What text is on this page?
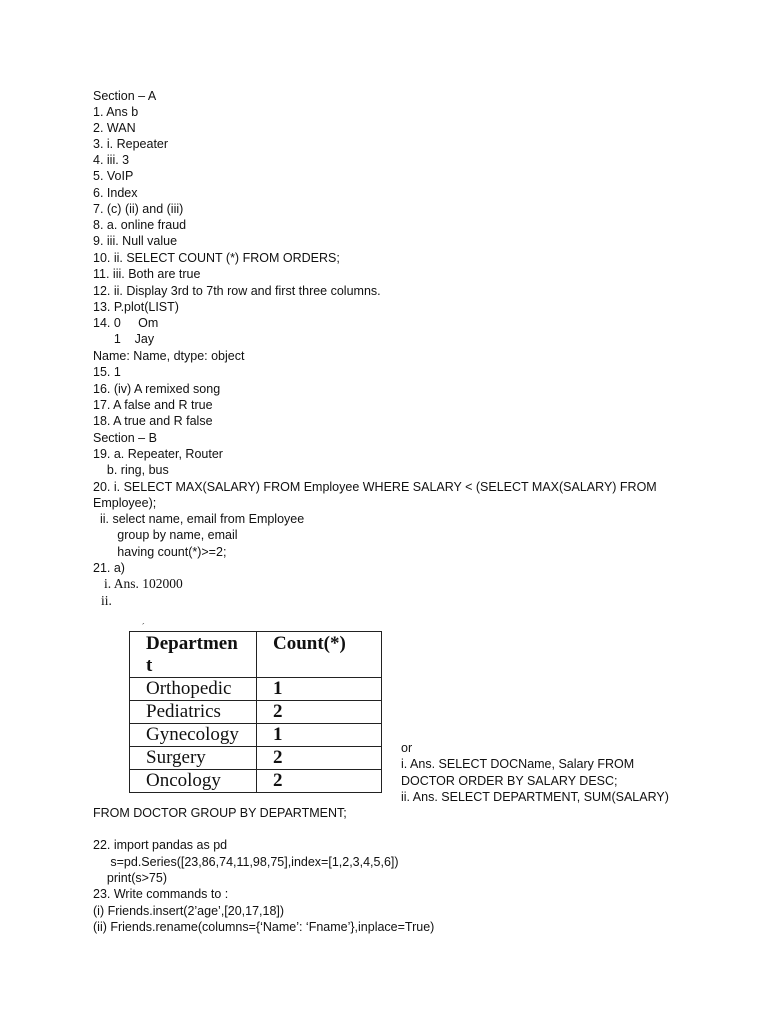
Section – A
1. Ans b
2. WAN
3. i. Repeater
4. iii. 3
5. VoIP
6. Index
7. (c) (ii) and (iii)
8. a. online fraud
9. iii. Null value
10. ii. SELECT COUNT (*) FROM ORDERS;
11. iii. Both are true
12. ii. Display 3rd to 7th row and first three columns.
13. P.plot(LIST)
14. 0     Om
1    Jay
Name: Name, dtype: object
15. 1
16. (iv) A remixed song
17. A false and R true
18. A true and R false
Section – B
19. a. Repeater, Router
b. ring, bus
20. i. SELECT MAX(SALARY) FROM Employee WHERE SALARY < (SELECT MAX(SALARY) FROM
Employee);
ii. select name, email from Employee
group by name, email
having count(*)>=2;
21. a)
i. Ans. 102000
ii.
´
Departmen
t	Count(*)
Orthopedic	1
Pediatrics	2
Gynecology	1
Surgery	2
Oncology	2
or
i. Ans. SELECT DOCName, Salary FROM
DOCTOR ORDER BY SALARY DESC;
ii. Ans. SELECT DEPARTMENT, SUM(SALARY)
FROM DOCTOR GROUP BY DEPARTMENT;
22. import pandas as pd
s=pd.Series([23,86,74,11,98,75],index=[1,2,3,4,5,6])
print(s>75)
23. Write commands to :
(i) Friends.insert(2’age’,[20,17,18])
(ii) Friends.rename(columns={‘Name’: ‘Fname’},inplace=True)
